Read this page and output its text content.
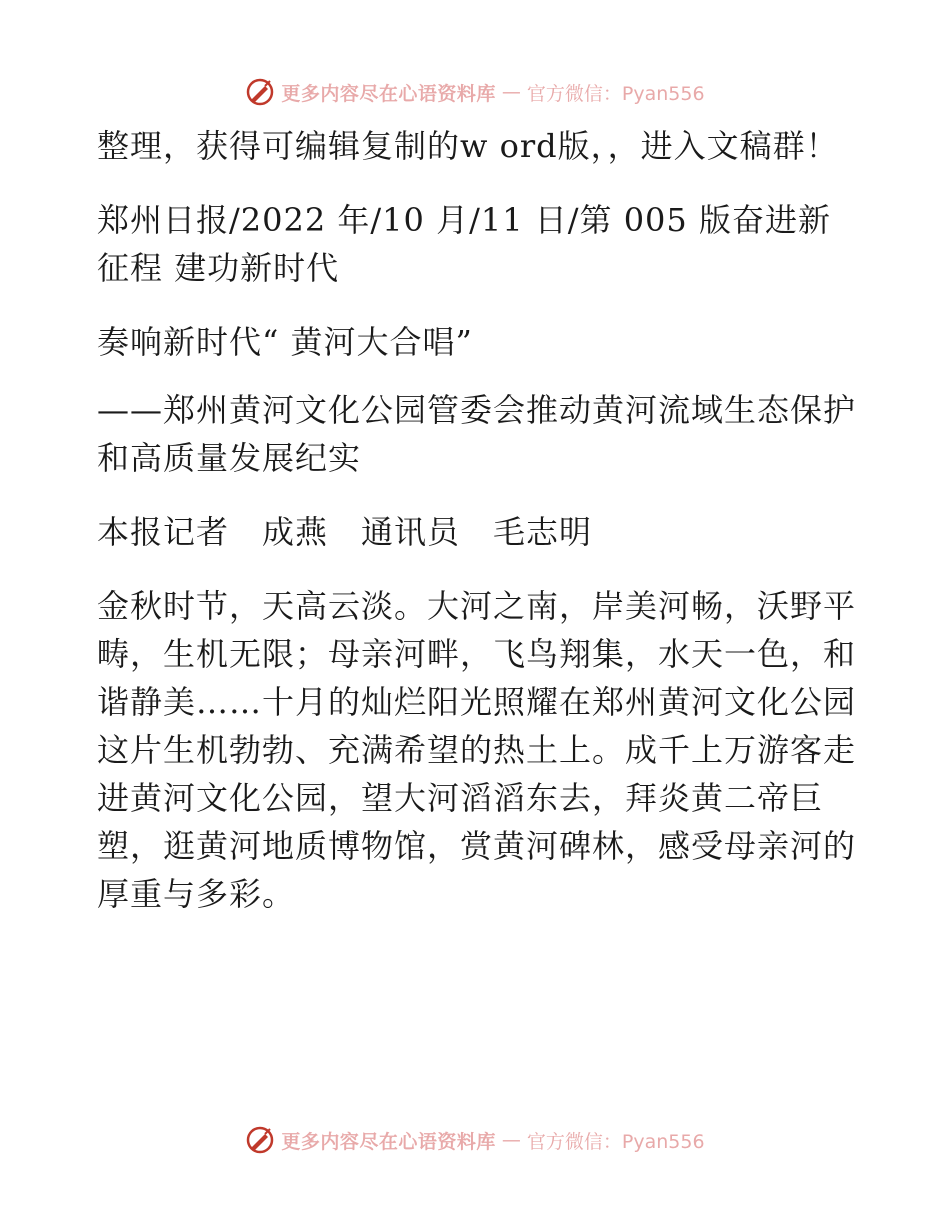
更多内容尽在心语资料库 — 官方微信：Pyan556

整理，获得可编辑复制的w ord版，，进入文稿群！

郑州日报/2022 年/10 月/11 日/第 005 版奋进新征程 建功新时代

奏响新时代“ 黄河大合唱”

——郑州黄河文化公园管委会推动黄河流域生态保护和高质量发展纪实

本报记者　成燕　通讯员　毛志明

金秋时节，天高云淡。大河之南，岸美河畅，沃野平畴，生机无限；母亲河畔，飞鸟翔集，水天一色，和谐静美……十月的灿烂阳光照耀在郑州黄河文化公园这片生机勃勃、充满希望的热土上。成千上万游客走进黄河文化公园，望大河滔滔东去，拜炎黄二帝巨塑，逛黄河地质博物馆，赏黄河碑林，感受母亲河的厚重与多彩。

更多内容尽在心语资料库 — 官方微信：Pyan556
